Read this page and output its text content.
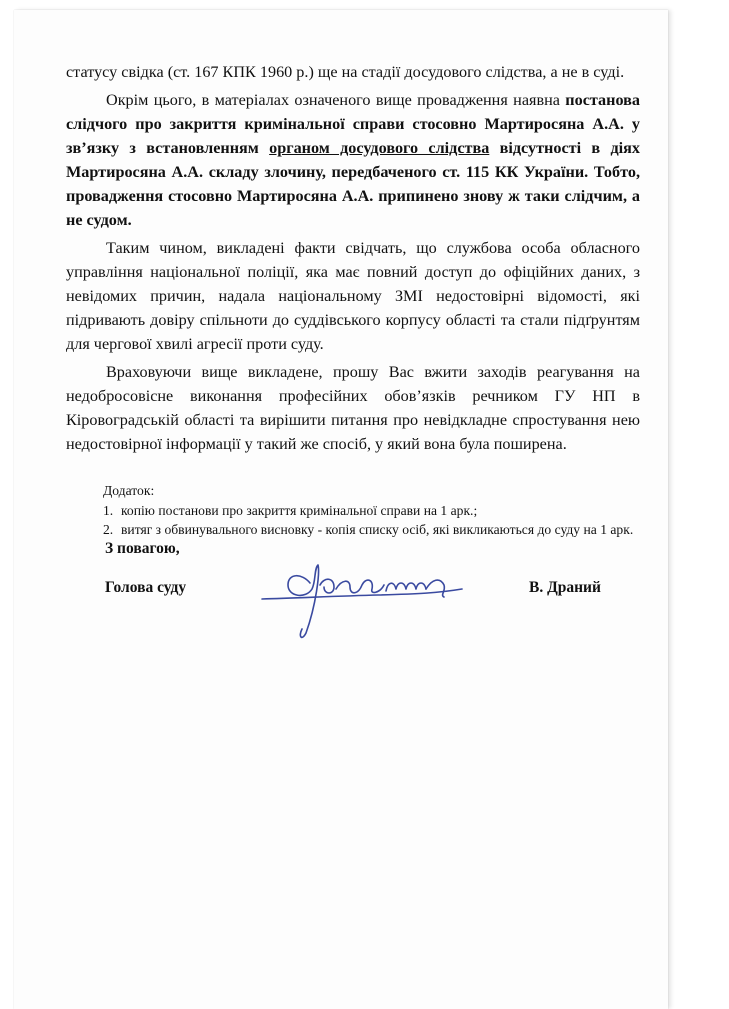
статусу свідка (ст. 167 КПК 1960 р.) ще на стадії досудового слідства, а не в суді.

Окрім цього, в матеріалах означеного вище провадження наявна постанова слідчого про закриття кримінальної справи стосовно Мартиросяна А.А. у зв’язку з встановленням органом досудового слідства відсутності в діях Мартиросяна А.А. складу злочину, передбаченого ст. 115 КК України. Тобто, провадження стосовно Мартиросяна А.А. припинено знову ж таки слідчим, а не судом.

Таким чином, викладені факти свідчать, що службова особа обласного управління національної поліції, яка має повний доступ до офіційних даних, з невідомих причин, надала національному ЗМІ недостовірні відомості, які підривають довіру спільноти до суддівського корпусу області та стали підґрунтям для чергової хвилі агресії проти суду.

Враховуючи вище викладене, прошу Вас вжити заходів реагування на недобросовісне виконання професійних обов’язків речником ГУ НП в Кіровоградській області та вирішити питання про невідкладне спростування нею недостовірної інформації у такий же спосіб, у який вона була поширена.

Додаток:
1. копію постанови про закриття кримінальної справи на 1 арк.;
2. витяг з обвинувального висновку - копія списку осіб, які викликаються до суду на 1 арк.
З повагою,
Голова суду	В. Драний
